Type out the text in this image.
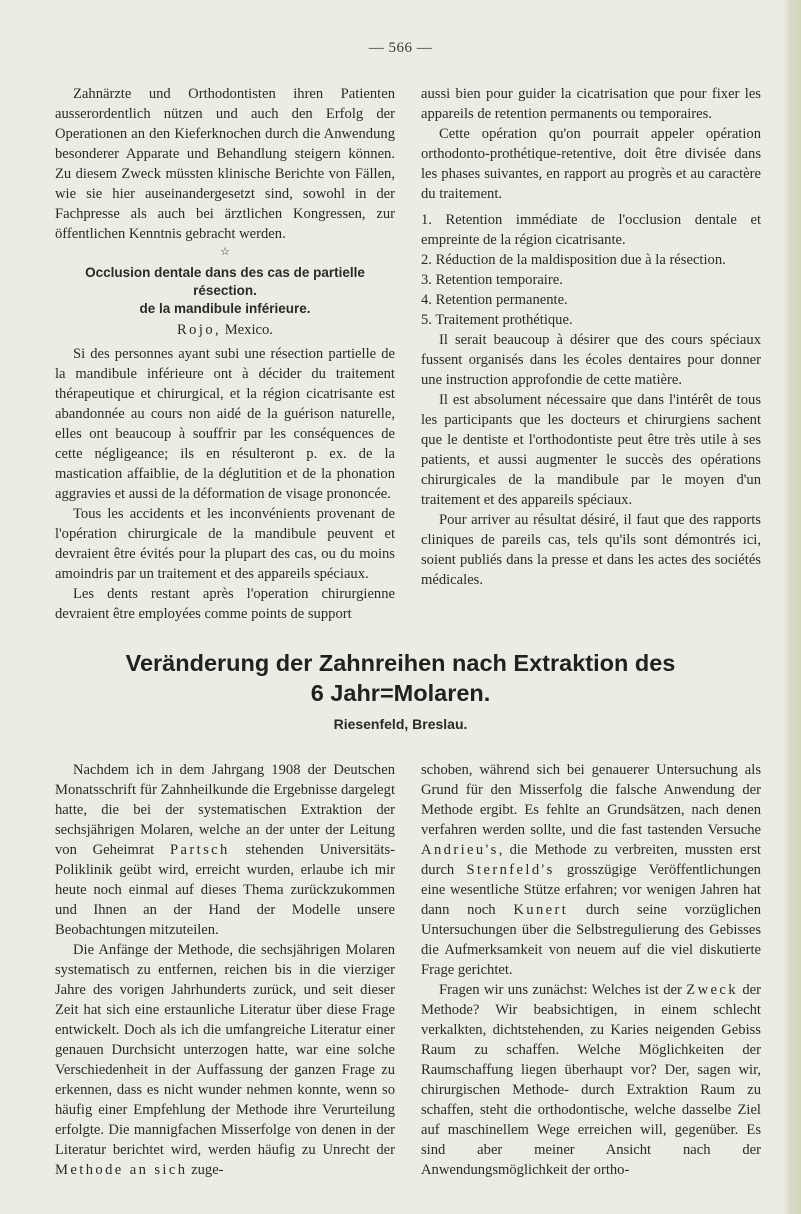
— 566 —

Zahnärzte und Orthodontisten ihren Patienten ausserordentlich nützen und auch den Erfolg der Operationen an den Kieferknochen durch die Anwendung besonderer Apparate und Behandlung steigern können. Zu diesem Zweck müssten klinische Berichte von Fällen, wie sie hier auseinandergesetzt sind, sowohl in der Fachpresse als auch bei ärztlichen Kongressen, zur öffentlichen Kenntnis gebracht werden.

☆
Occlusion dentale dans des cas de partielle résection.
de la mandibule inférieure.
Rojo, Mexico.

Si des personnes ayant subi une résection partielle de la mandibule inférieure ont à décider du traitement thérapeutique et chirurgical, et la région cicatrisante est abandonnée au cours non aidé de la guérison naturelle, elles ont beaucoup à souffrir par les conséquences de cette négligeance; ils en résulteront p. ex. de la mastication affaiblie, de la déglutition et de la phonation aggravies et aussi de la déformation de visage prononcée.

Tous les accidents et les inconvénients provenant de l'opération chirurgicale de la mandibule peuvent et devraient être évités pour la plupart des cas, ou du moins amoindris par un traitement et des appareils spéciaux.

Les dents restant après l'operation chirurgienne devraient être employées comme points de support

aussi bien pour guider la cicatrisation que pour fixer les appareils de retention permanents ou temporaires.

Cette opération qu'on pourrait appeler opération orthodonto-prothétique-retentive, doit être divisée dans les phases suivantes, en rapport au progrès et au caractère du traitement.

1. Retention immédiate de l'occlusion dentale et empreinte de la région cicatrisante.

2. Réduction de la maldisposition due à la résection.

3. Retention temporaire.

4. Retention permanente.

5. Traitement prothétique.

Il serait beaucoup à désirer que des cours spéciaux fussent organisés dans les écoles dentaires pour donner une instruction approfondie de cette matière.

Il est absolument nécessaire que dans l'intérêt de tous les participants que les docteurs et chirurgiens sachent que le dentiste et l'orthodontiste peut être très utile à ses patients, et aussi augmenter le succès des opérations chirurgicales de la mandibule par le moyen d'un traitement et des appareils spéciaux.

Pour arriver au résultat désiré, il faut que des rapports cliniques de pareils cas, tels qu'ils sont démontrés ici, soient publiés dans la presse et dans les actes des sociétés médicales.

Veränderung der Zahnreihen nach Extraktion des
6 Jahr=Molaren.
Riesenfeld, Breslau.

Nachdem ich in dem Jahrgang 1908 der Deutschen Monatsschrift für Zahnheilkunde die Ergebnisse dargelegt hatte, die bei der systematischen Extraktion der sechsjährigen Molaren, welche an der unter der Leitung von Geheimrat Partsch stehenden Universitäts-Poliklinik geübt wird, erreicht wurden, erlaube ich mir heute noch einmal auf dieses Thema zurückzukommen und Ihnen an der Hand der Modelle unsere Beobachtungen mitzuteilen.

Die Anfänge der Methode, die sechsjährigen Molaren systematisch zu entfernen, reichen bis in die vierziger Jahre des vorigen Jahrhunderts zurück, und seit dieser Zeit hat sich eine erstaunliche Literatur über diese Frage entwickelt. Doch als ich die umfangreiche Literatur einer genauen Durchsicht unterzogen hatte, war eine solche Verschiedenheit in der Auffassung der ganzen Frage zu erkennen, dass es nicht wunder nehmen konnte, wenn so häufig einer Empfehlung der Methode ihre Verurteilung erfolgte. Die mannigfachen Misserfolge von denen in der Literatur berichtet wird, werden häufig zu Unrecht der Methode an sich zuge-

schoben, während sich bei genauerer Untersuchung als Grund für den Misserfolg die falsche Anwendung der Methode ergibt. Es fehlte an Grundsätzen, nach denen verfahren werden sollte, und die fast tastenden Versuche Andrieu's, die Methode zu verbreiten, mussten erst durch Sternfeld's grosszügige Veröffentlichungen eine wesentliche Stütze erfahren; vor wenigen Jahren hat dann noch Kunert durch seine vorzüglichen Untersuchungen über die Selbstregulierung des Gebisses die Aufmerksamkeit von neuem auf die viel diskutierte Frage gerichtet.

Fragen wir uns zunächst: Welches ist der Zweck der Methode? Wir beabsichtigen, in einem schlecht verkalkten, dichtstehenden, zu Karies neigenden Gebiss Raum zu schaffen. Welche Möglichkeiten der Raumschaffung liegen überhaupt vor? Der, sagen wir, chirurgischen Methode- durch Extraktion Raum zu schaffen, steht die orthodontische, welche dasselbe Ziel auf maschinellem Wege erreichen will, gegenüber. Es sind aber meiner Ansicht nach der Anwendungsmöglichkeit der ortho-
